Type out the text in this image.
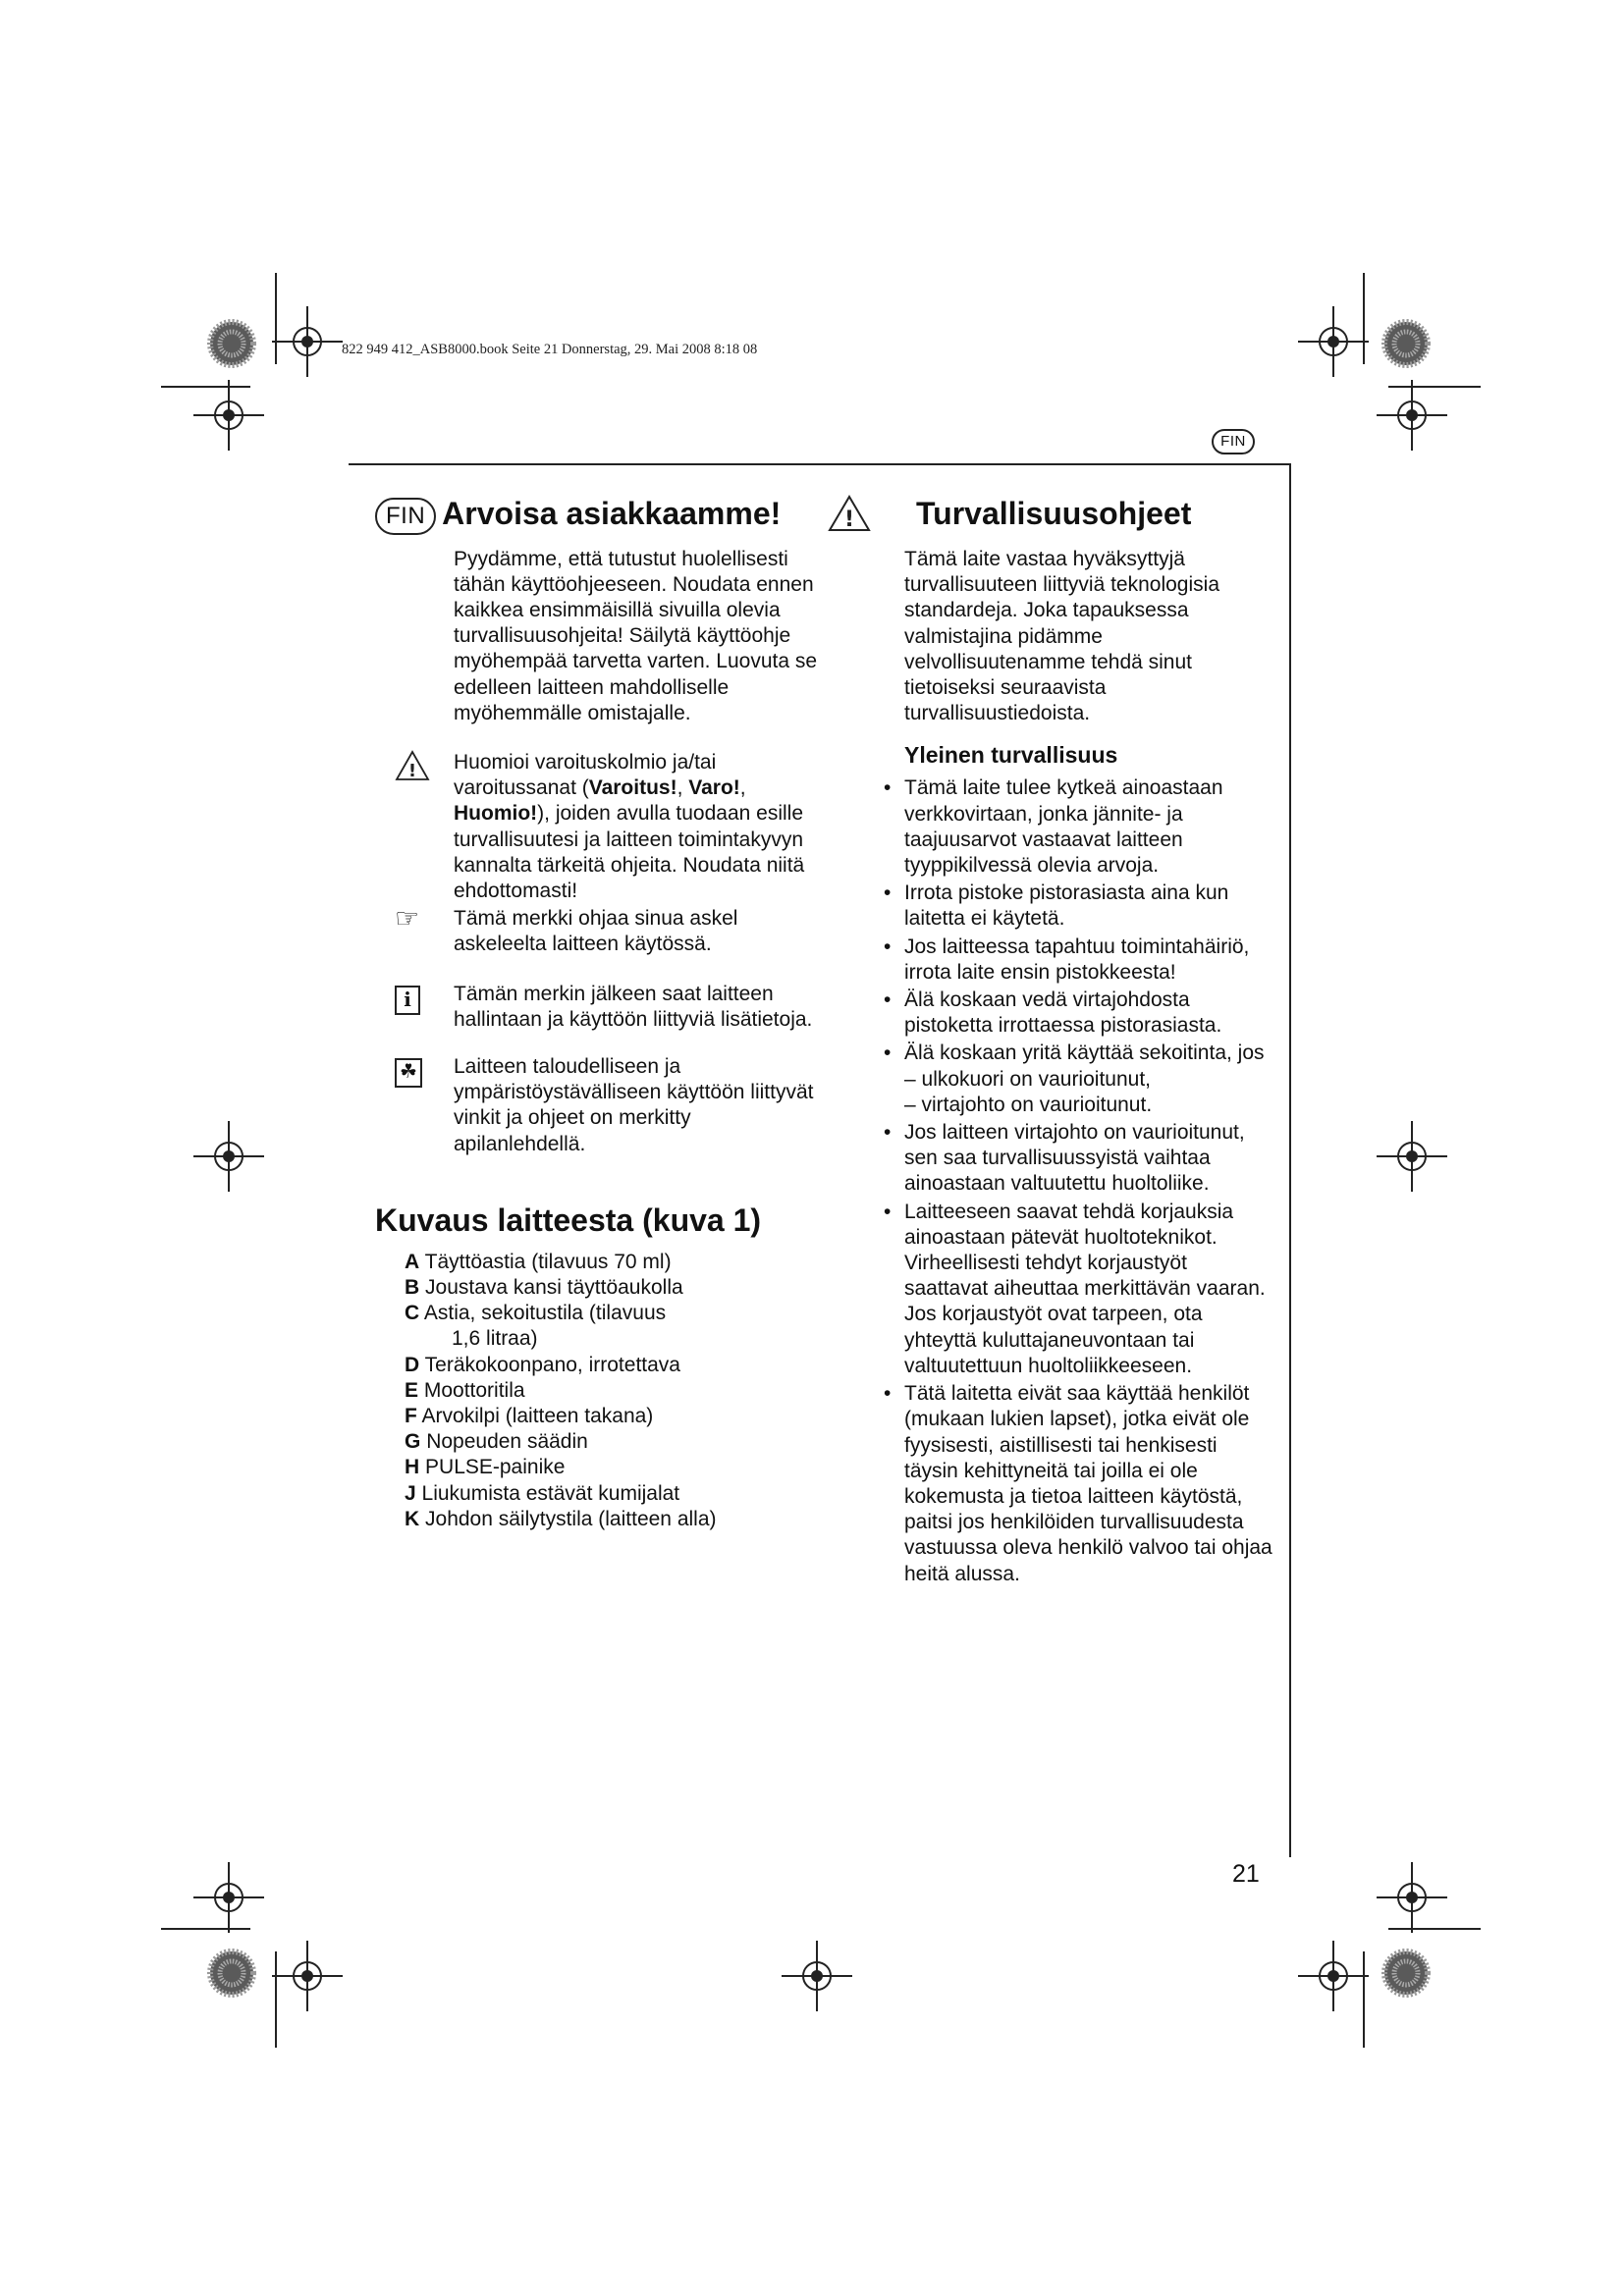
822 949 412_ASB8000.book Seite 21 Donnerstag, 29. Mai 2008 8:18 08
FIN
FIN Arvoisa asiakkaamme!
Pyydämme, että tutustut huolellisesti tähän käyttöohjeeseen. Noudata ennen kaikkea ensimmäisillä sivuilla olevia turvallisuusohjeita! Säilytä käyttöohje myöhempää tarvetta varten. Luovuta se edelleen laitteen mahdolliselle myöhemmälle omistajalle.
! Huomioi varoituskolmio ja/tai varoitussanat (Varoitus!, Varo!, Huomio!), joiden avulla tuodaan esille turvallisuutesi ja laitteen toimintakyvyn kannalta tärkeitä ohjeita. Noudata niitä ehdottomasti!
☞ Tämä merkki ohjaa sinua askel askeleelta laitteen käytössä.
i	Tämän merkin jälkeen saat laitteen hallintaan ja käyttöön liittyviä lisätietoja.
☘ Laitteen taloudelliseen ja ympäristöystävälliseen käyttöön liittyvät vinkit ja ohjeet on merkitty apilanlehdellä.
Kuvaus laitteesta (kuva 1)
A Täyttöastia (tilavuus 70 ml)
B Joustava kansi täyttöaukolla
C Astia, sekoitustila (tilavuus
1,6 litraa)
D Teräkokoonpano, irrotettava
E Moottoritila
F Arvokilpi (laitteen takana)
G Nopeuden säädin
H PULSE-painike
J Liukumista estävät kumijalat
K Johdon säilytystila (laitteen alla)
! Turvallisuusohjeet
Tämä laite vastaa hyväksyttyjä turvallisuuteen liittyviä teknologisia standardeja. Joka tapauksessa valmistajina pidämme velvollisuutenamme tehdä sinut tietoiseksi seuraavista turvallisuustiedoista.
Yleinen turvallisuus
• Tämä laite tulee kytkeä ainoastaan verkkovirtaan, jonka jännite- ja taajuusarvot vastaavat laitteen tyyppikilvessä olevia arvoja.
• Irrota pistoke pistorasiasta aina kun laitetta ei käytetä.
• Jos laitteessa tapahtuu toimintahäiriö, irrota laite ensin pistokkeesta!
• Älä koskaan vedä virtajohdosta pistoketta irrottaessa pistorasiasta.
• Älä koskaan yritä käyttää sekoitinta, jos
– ulkokuori on vaurioitunut,
– virtajohto on vaurioitunut.
• Jos laitteen virtajohto on vaurioitunut, sen saa turvallisuussyistä vaihtaa ainoastaan valtuutettu huoltoliike.
• Laitteeseen saavat tehdä korjauksia ainoastaan pätevät huoltoteknikot. Virheellisesti tehdyt korjaustyöt saattavat aiheuttaa merkittävän vaaran. Jos korjaustyöt ovat tarpeen, ota yhteyttä kuluttajaneuvontaan tai valtuutettuun huoltoliikkeeseen.
• Tätä laitetta eivät saa käyttää henkilöt (mukaan lukien lapset), jotka eivät ole fyysisesti, aistillisesti tai henkisesti täysin kehittyneitä tai joilla ei ole kokemusta ja tietoa laitteen käytöstä, paitsi jos henkilöiden turvallisuudesta vastuussa oleva henkilö valvoo tai ohjaa heitä alussa.
21
